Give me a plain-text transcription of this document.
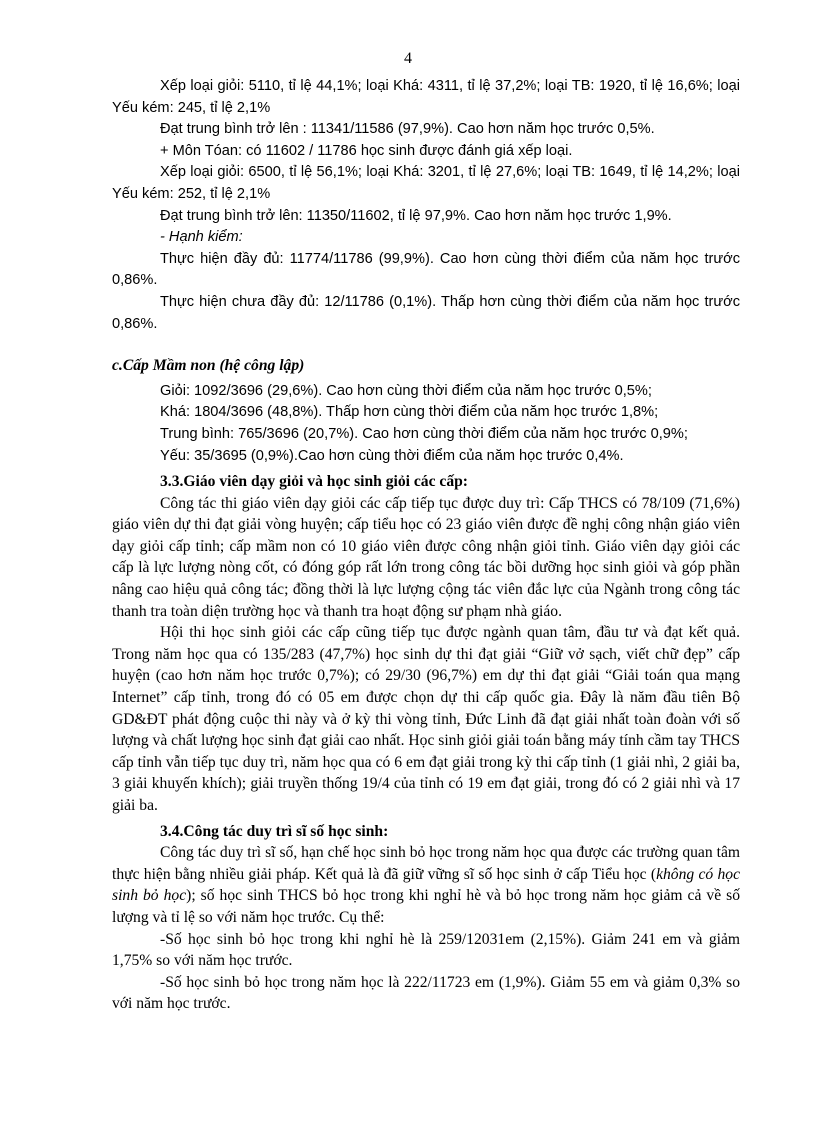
4

Xếp loại giỏi: 5110, tỉ lệ 44,1%; loại Khá: 4311, tỉ lệ 37,2%; loại TB: 1920, tỉ lệ 16,6%; loại Yếu kém: 245, tỉ lệ 2,1%

Đạt trung bình trở lên : 11341/11586 (97,9%). Cao hơn năm học trước 0,5%.

+ Môn Tóan: có 11602 / 11786 học sinh được đánh giá xếp loại.

Xếp loại giỏi: 6500, tỉ lệ 56,1%; loại Khá: 3201, tỉ lệ 27,6%; loại TB: 1649, tỉ lệ 14,2%; loại Yếu kém: 252, tỉ lệ 2,1%

Đạt trung bình trở lên: 11350/11602, tỉ lệ 97,9%. Cao hơn năm học trước 1,9%.

- Hạnh kiểm:

Thực hiện đầy đủ: 11774/11786 (99,9%). Cao hơn cùng thời điểm của năm học trước 0,86%.

Thực hiện chưa đầy đủ: 12/11786 (0,1%). Thấp hơn cùng thời điểm của năm học trước 0,86%.

c.Cấp Mầm non (hệ công lập)

Giỏi: 1092/3696 (29,6%). Cao hơn cùng thời điểm của năm học trước 0,5%;

Khá: 1804/3696 (48,8%). Thấp hơn cùng thời điểm của năm học trước 1,8%;

Trung bình: 765/3696 (20,7%). Cao hơn cùng thời điểm của năm học trước 0,9%;

Yếu: 35/3695 (0,9%).Cao hơn cùng thời điểm của năm học trước 0,4%.

3.3.Giáo viên dạy giỏi và học sinh giỏi các cấp:

Công tác thi giáo viên dạy giỏi các cấp tiếp tục được duy trì: Cấp THCS có 78/109 (71,6%) giáo viên dự thi đạt giải vòng huyện; cấp tiểu học có 23 giáo viên được đề nghị công nhận giáo viên dạy giỏi cấp tỉnh; cấp mầm non có 10 giáo viên được công nhận giỏi tỉnh. Giáo viên dạy giỏi các cấp là lực lượng nòng cốt, có đóng góp rất lớn trong công tác bồi dưỡng học sinh giỏi và góp phần nâng cao hiệu quả công tác; đồng thời là lực lượng cộng tác viên đắc lực của Ngành trong công tác thanh tra toàn diện trường học và thanh tra hoạt động sư phạm nhà giáo.

Hội thi học sinh giỏi các cấp cũng tiếp tục được ngành quan tâm, đầu tư và đạt kết quả. Trong năm học qua có 135/283 (47,7%) học sinh dự thi đạt giải “Giữ vở sạch, viết chữ đẹp” cấp huyện (cao hơn năm học trước 0,7%); có 29/30 (96,7%) em dự thi đạt giải “Giải toán qua mạng Internet” cấp tỉnh, trong đó có 05 em được chọn dự thi cấp quốc gia. Đây là năm đầu tiên Bộ GD&ĐT phát động cuộc thi này và ở kỳ thi vòng tỉnh, Đức Linh đã đạt giải nhất toàn đoàn với số lượng và chất lượng học sinh đạt giải cao nhất. Học sinh giỏi giải toán bằng máy tính cầm tay THCS cấp tỉnh vẫn tiếp tục duy trì, năm học qua có 6 em đạt giải trong kỳ thi cấp tỉnh (1 giải nhì, 2 giải ba, 3 giải khuyến khích); giải truyền thống 19/4 của tỉnh có 19 em đạt giải, trong đó có 2 giải nhì và 17 giải ba.

3.4.Công tác duy trì sĩ số học sinh:

Công tác duy trì sĩ số, hạn chế học sinh bỏ học trong năm học qua được các trường quan tâm thực hiện bằng nhiều giải pháp. Kết quả là đã giữ vững sĩ số học sinh ở cấp Tiểu học (không có học sinh bỏ học); số học sinh THCS bỏ học trong khi nghỉ hè và bỏ học trong năm học giảm cả về số lượng và tỉ lệ so với năm học trước. Cụ thể:

-Số học sinh bỏ học trong khi nghỉ hè là 259/12031em (2,15%). Giảm 241 em và giảm 1,75% so với năm học trước.

-Số học sinh bỏ học trong năm học là 222/11723 em (1,9%). Giảm 55 em và giảm 0,3% so với năm học trước.
